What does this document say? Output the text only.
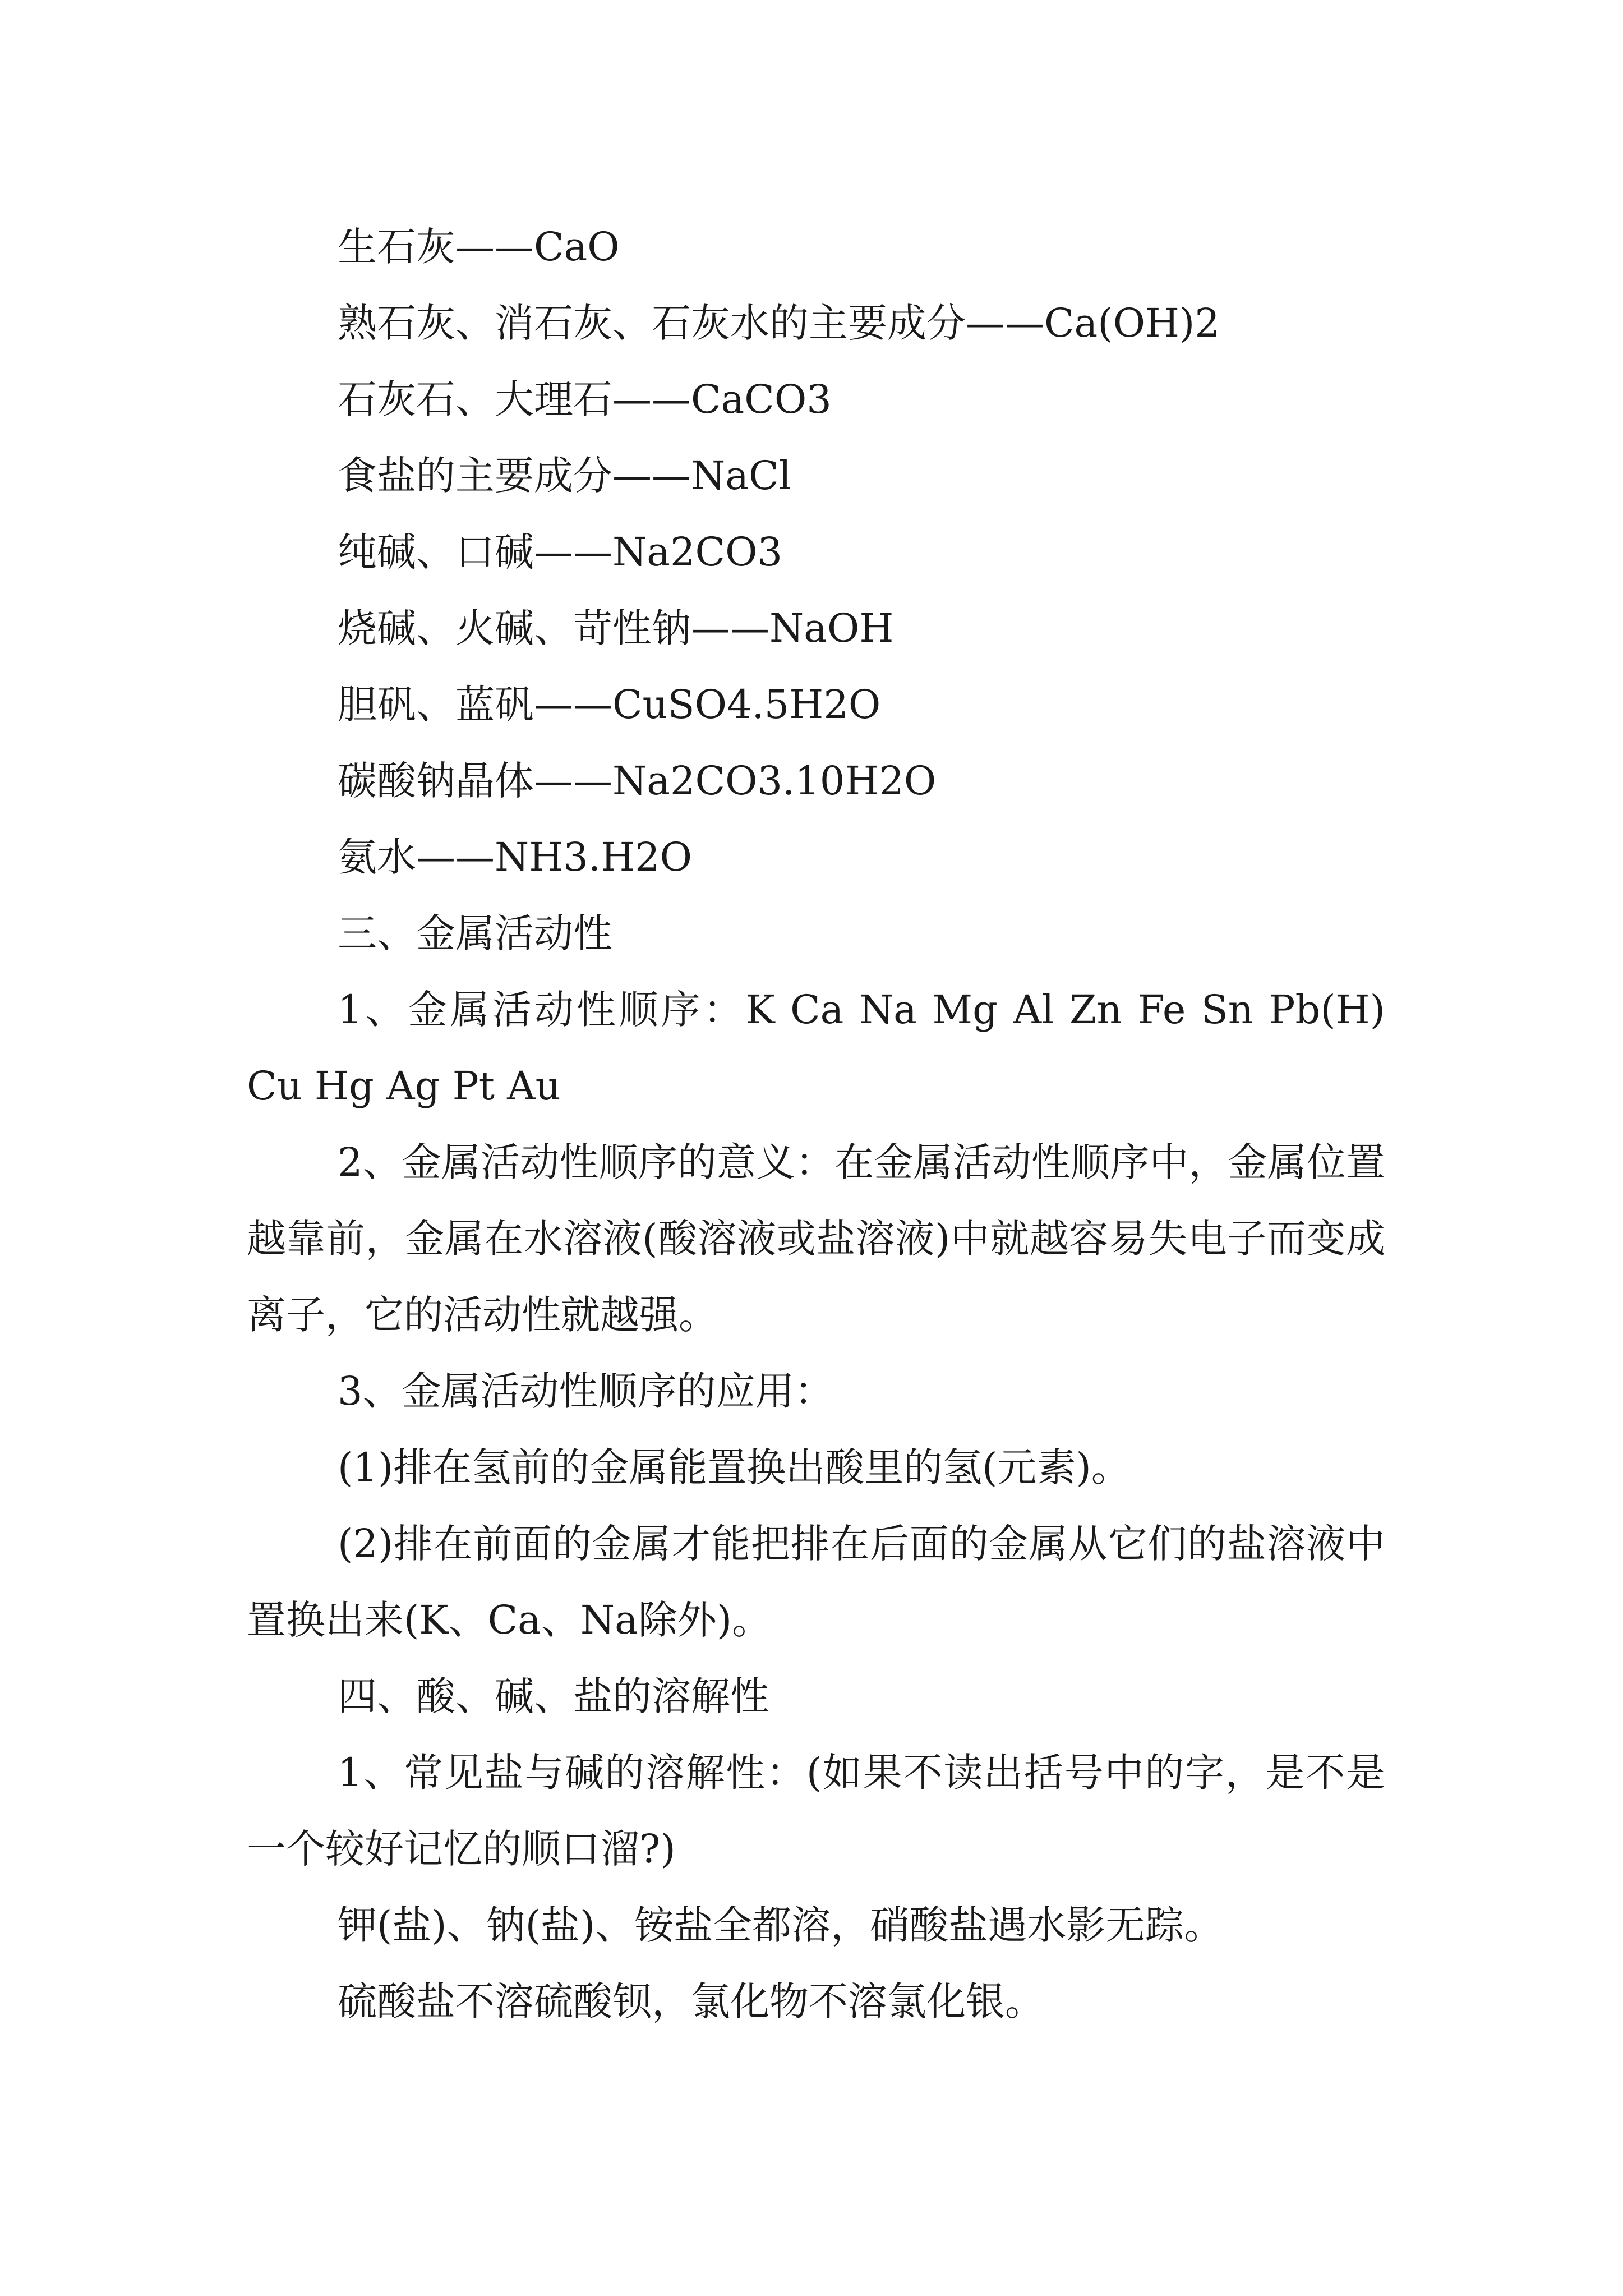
生石灰——CaO
熟石灰、消石灰、石灰水的主要成分——Ca(OH)2
石灰石、大理石——CaCO3
食盐的主要成分——NaCl
纯碱、口碱——Na2CO3
烧碱、火碱、苛性钠——NaOH
胆矾、蓝矾——CuSO4.5H2O
碳酸钠晶体——Na2CO3.10H2O
氨水——NH3.H2O
三、金属活动性

1、金属活动性顺序：K Ca Na Mg Al Zn Fe Sn Pb(H) Cu Hg Ag Pt Au

2、金属活动性顺序的意义：在金属活动性顺序中，金属位置越靠前，金属在水溶液(酸溶液或盐溶液)中就越容易失电子而变成离子，它的活动性就越强。

3、金属活动性顺序的应用：

(1)排在氢前的金属能置换出酸里的氢(元素)。

(2)排在前面的金属才能把排在后面的金属从它们的盐溶液中置换出来(K、Ca、Na除外)。

四、酸、碱、盐的溶解性

1、常见盐与碱的溶解性：(如果不读出括号中的字，是不是一个较好记忆的顺口溜?)

钾(盐)、钠(盐)、铵盐全都溶，硝酸盐遇水影无踪。

硫酸盐不溶硫酸钡，氯化物不溶氯化银。
